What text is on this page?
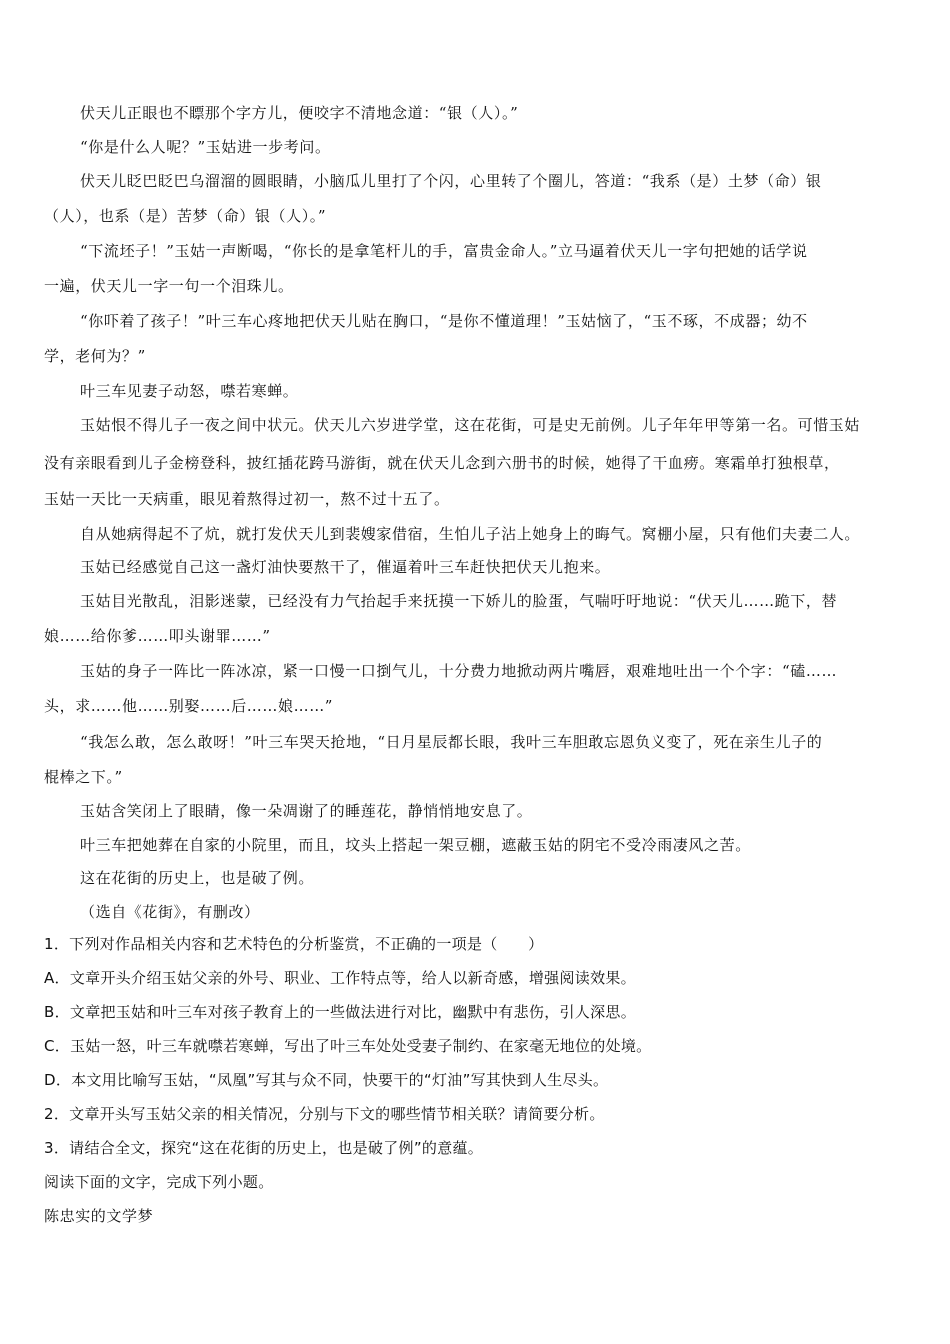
伏天儿正眼也不瞟那个字方儿，便咬字不清地念道：“银（人）。”
“你是什么人呢？”玉姑进一步考问。
伏天儿眨巴眨巴乌溜溜的圆眼睛，小脑瓜儿里打了个闪，心里转了个圈儿，答道：“我系（是）土梦（命）银
（人），也系（是）苦梦（命）银（人）。”
“下流坯子！”玉姑一声断喝，“你长的是拿笔杆儿的手，富贵金命人。”立马逼着伏天儿一字句把她的话学说
一遍，伏天儿一字一句一个泪珠儿。
“你吓着了孩子！”叶三车心疼地把伏天儿贴在胸口，“是你不懂道理！”玉姑恼了，“玉不琢，不成器；幼不
学，老何为？”
叶三车见妻子动怒，噤若寒蝉。
玉姑恨不得儿子一夜之间中状元。伏天儿六岁进学堂，这在花街，可是史无前例。儿子年年甲等第一名。可惜玉姑
没有亲眼看到儿子金榜登科，披红插花跨马游街，就在伏天儿念到六册书的时候，她得了干血痨。寒霜单打独根草，
玉姑一天比一天病重，眼见着熬得过初一，熬不过十五了。
自从她病得起不了炕，就打发伏天儿到裴嫂家借宿，生怕儿子沾上她身上的晦气。窝棚小屋，只有他们夫妻二人。
玉姑已经感觉自己这一盏灯油快要熬干了，催逼着叶三车赶快把伏天儿抱来。
玉姑目光散乱，泪影迷蒙，已经没有力气抬起手来抚摸一下娇儿的脸蛋，气喘吁吁地说：“伏天儿……跪下，替
娘……给你爹……叩头谢罪……”
玉姑的身子一阵比一阵冰凉，紧一口慢一口捯气儿，十分费力地掀动两片嘴唇，艰难地吐出一个个字：“磕……
头，求……他……别娶……后……娘……”
“我怎么敢，怎么敢呀！”叶三车哭天抢地，“日月星辰都长眼，我叶三车胆敢忘恩负义变了，死在亲生儿子的
棍棒之下。”
玉姑含笑闭上了眼睛，像一朵凋谢了的睡莲花，静悄悄地安息了。
叶三车把她葬在自家的小院里，而且，坟头上搭起一架豆棚，遮蔽玉姑的阴宅不受冷雨凄风之苦。
这在花街的历史上，也是破了例。
（选自《花街》，有删改）
1．下列对作品相关内容和艺术特色的分析鉴赏，不正确的一项是（　　）
A．文章开头介绍玉姑父亲的外号、职业、工作特点等，给人以新奇感，增强阅读效果。
B．文章把玉姑和叶三车对孩子教育上的一些做法进行对比，幽默中有悲伤，引人深思。
C．玉姑一怒，叶三车就噤若寒蝉，写出了叶三车处处受妻子制约、在家毫无地位的处境。
D．本文用比喻写玉姑，“凤凰”写其与众不同，快要干的“灯油”写其快到人生尽头。
2．文章开头写玉姑父亲的相关情况，分别与下文的哪些情节相关联？请简要分析。
3．请结合全文，探究“这在花街的历史上，也是破了例”的意蕴。
阅读下面的文字，完成下列小题。
陈忠实的文学梦
